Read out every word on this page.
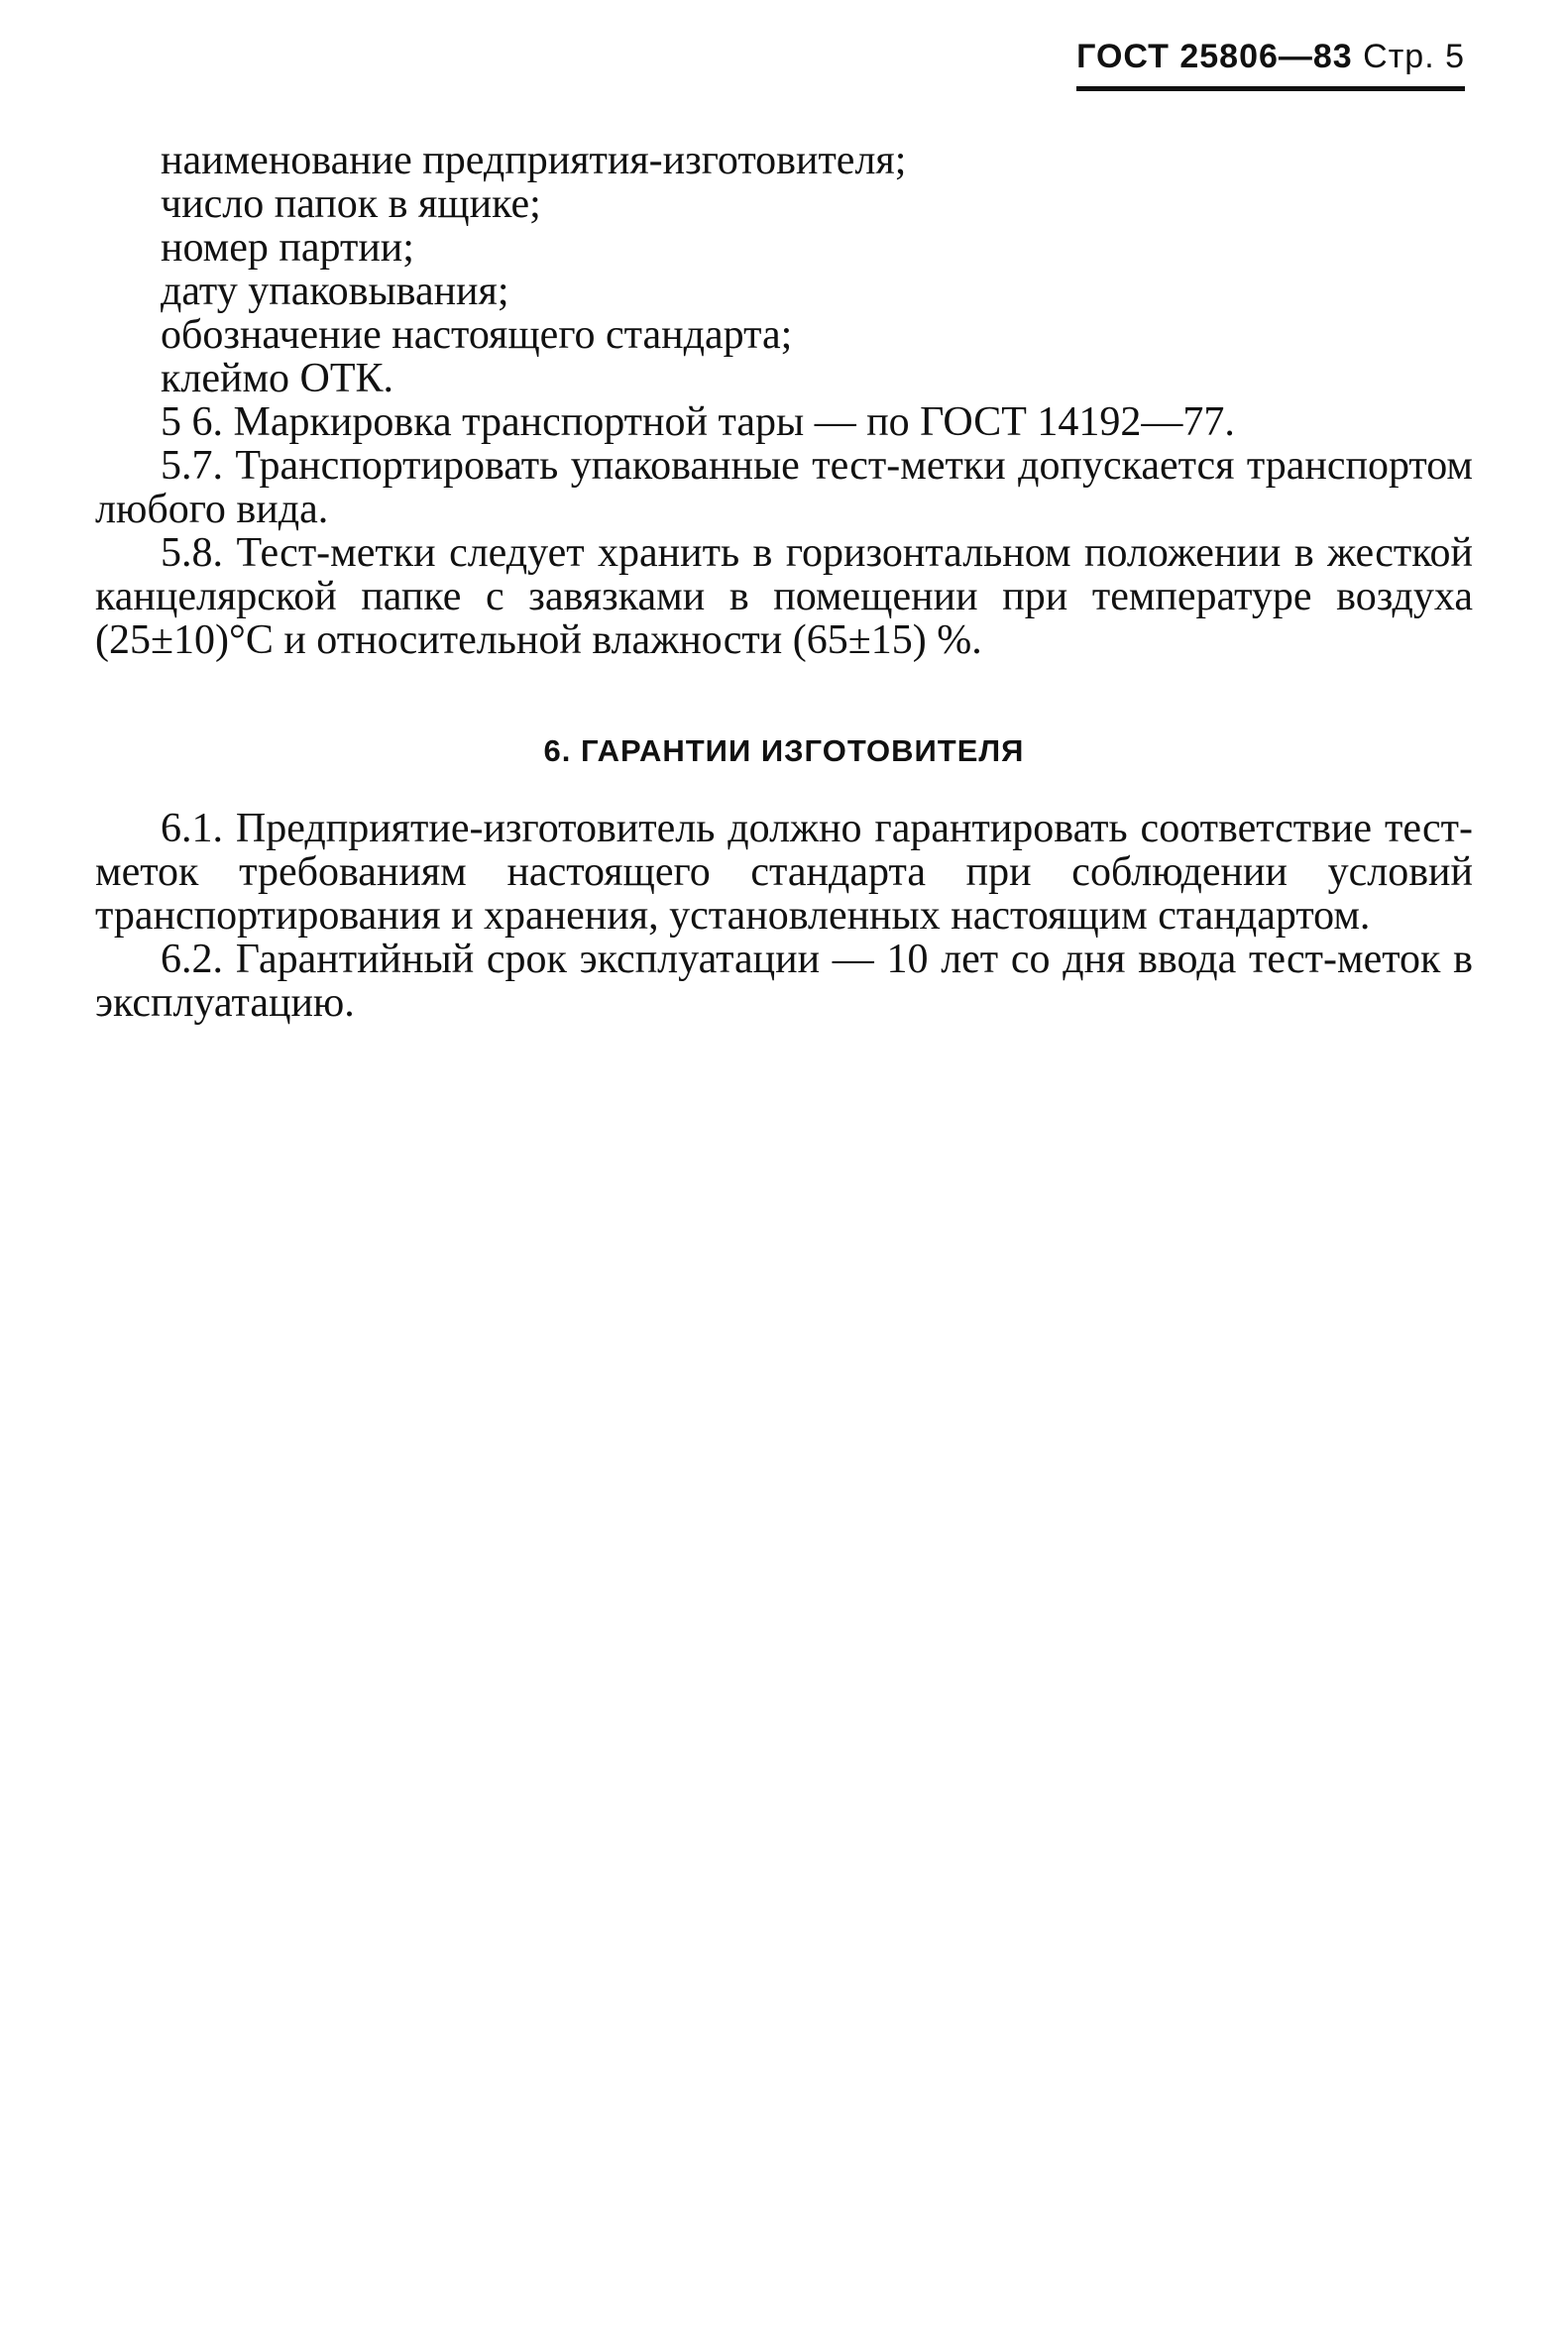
ГОСТ 25806—83 Стр. 5
наименование предприятия-изготовителя;
число папок в ящике;
номер партии;
дату упаковывания;
обозначение настоящего стандарта;
клеймо ОТК.
5 6. Маркировка транспортной тары — по ГОСТ 14192—77.
5.7. Транспортировать упакованные тест-метки допускается транспортом любого вида.
5.8. Тест-метки следует хранить в горизонтальном положении в жесткой канцелярской папке с завязками в помещении при температуре воздуха (25±10)°С и относительной влажности (65±15) %.
6. ГАРАНТИИ ИЗГОТОВИТЕЛЯ
6.1. Предприятие-изготовитель должно гарантировать соответствие тест-меток требованиям настоящего стандарта при соблюдении условий транспортирования и хранения, установленных настоящим стандартом.
6.2. Гарантийный срок эксплуатации — 10 лет со дня ввода тест-меток в эксплуатацию.
